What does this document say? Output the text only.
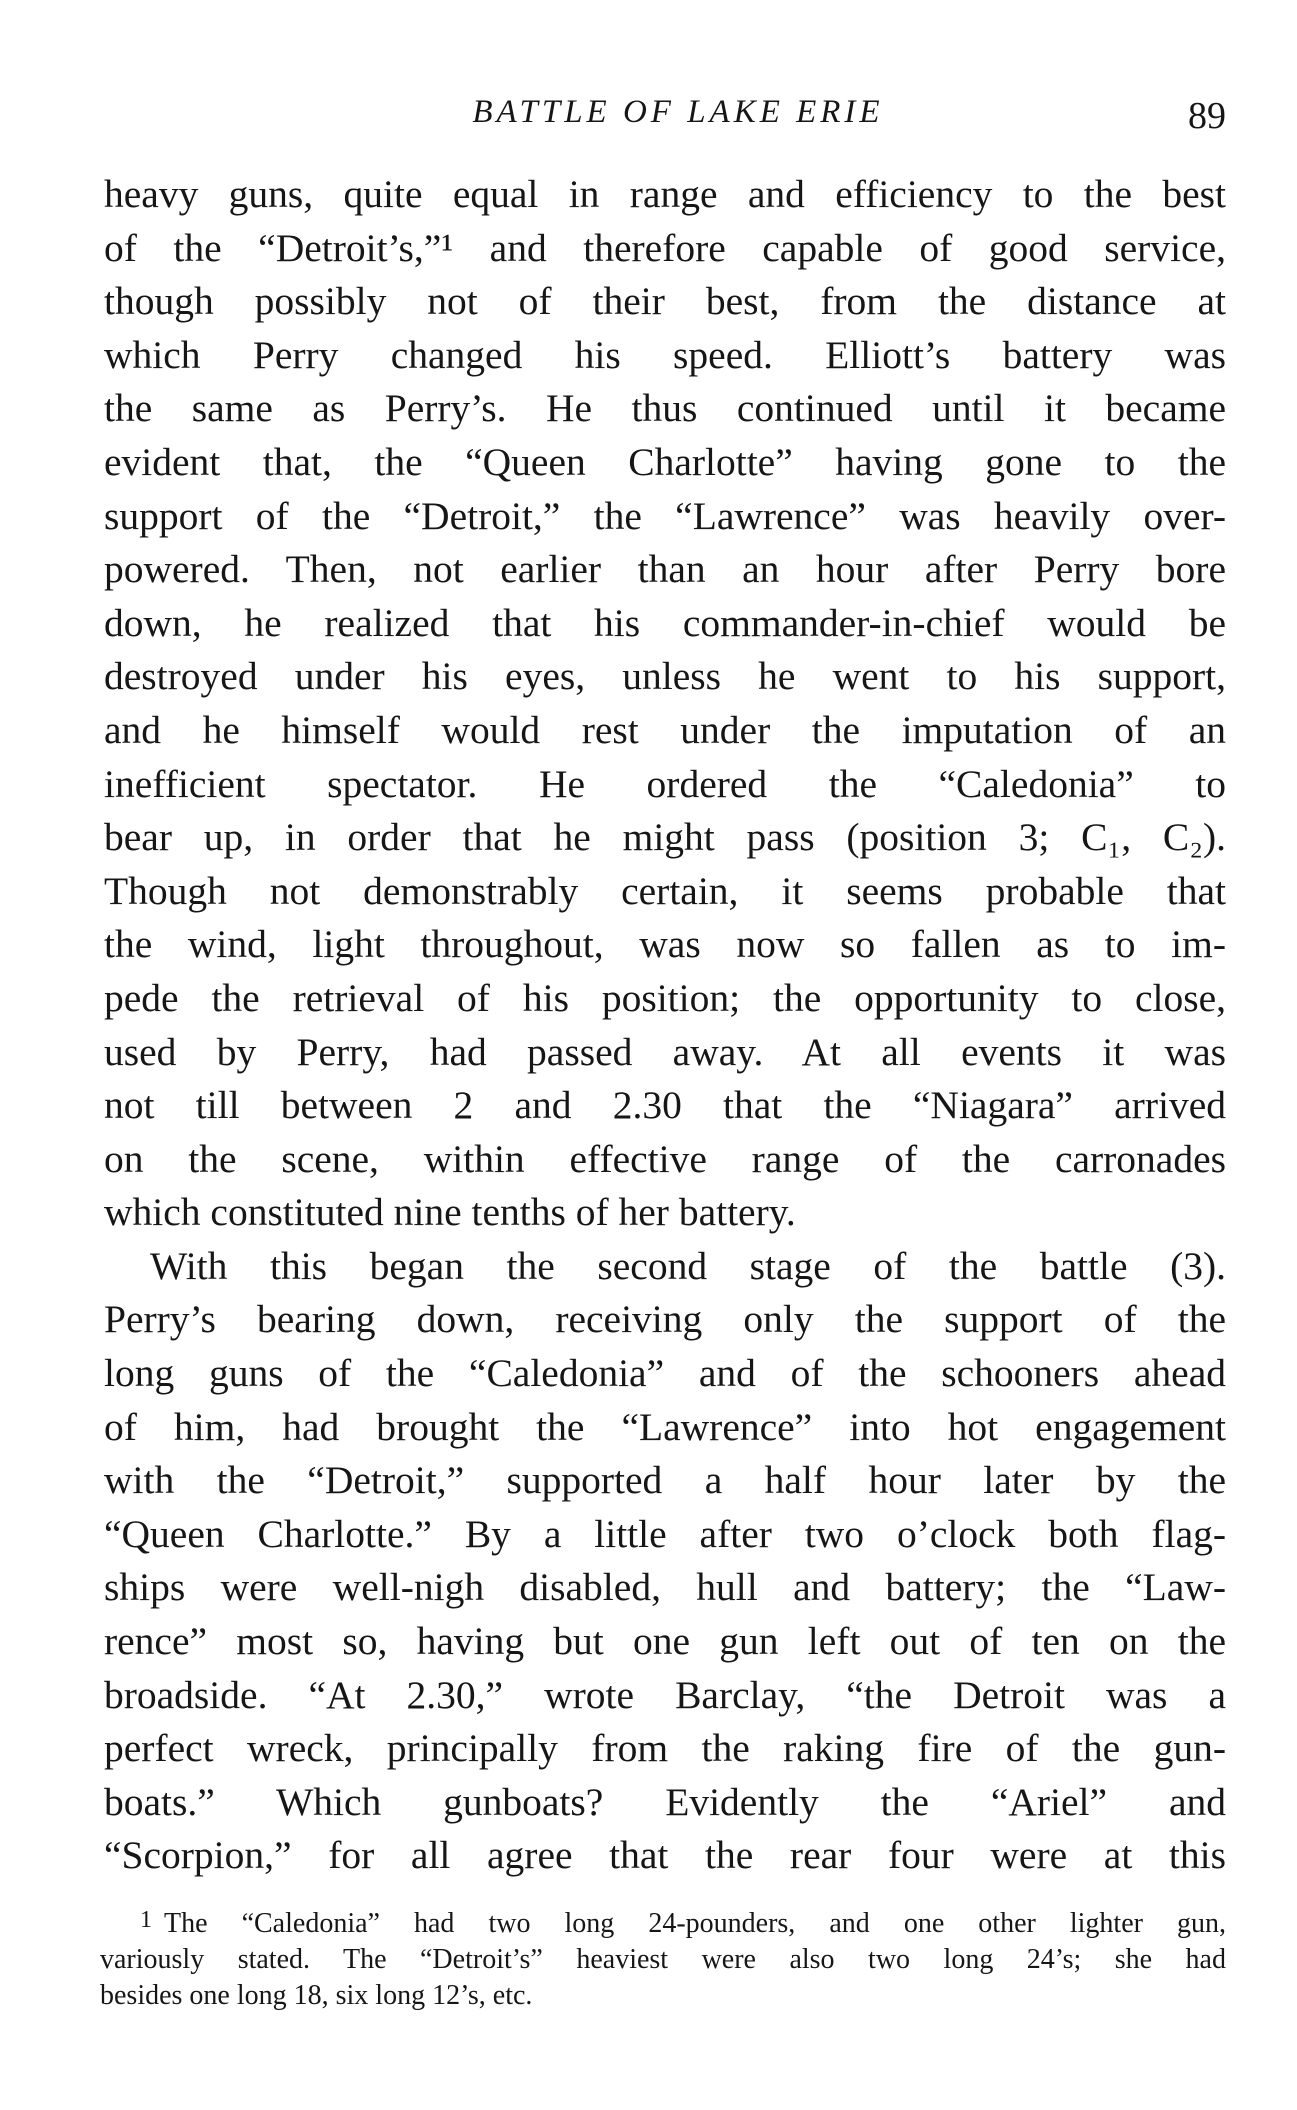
BATTLE OF LAKE ERIE	89
heavy guns, quite equal in range and efficiency to the best
of the “Detroit’s,”¹ and therefore capable of good service,
though possibly not of their best, from the distance at
which Perry changed his speed. Elliott’s battery was
the same as Perry’s. He thus continued until it became
evident that, the “Queen Charlotte” having gone to the
support of the “Detroit,” the “Lawrence” was heavily over-
powered. Then, not earlier than an hour after Perry bore
down, he realized that his commander-in-chief would be
destroyed under his eyes, unless he went to his support,
and he himself would rest under the imputation of an
inefficient spectator. He ordered the “Caledonia” to
bear up, in order that he might pass (position 3; C₁, C₂).
Though not demonstrably certain, it seems probable that
the wind, light throughout, was now so fallen as to im-
pede the retrieval of his position; the opportunity to close,
used by Perry, had passed away. At all events it was
not till between 2 and 2.30 that the “Niagara” arrived
on the scene, within effective range of the carronades
which constituted nine tenths of her battery.
With this began the second stage of the battle (3).
Perry’s bearing down, receiving only the support of the
long guns of the “Caledonia” and of the schooners ahead
of him, had brought the “Lawrence” into hot engagement
with the “Detroit,” supported a half hour later by the
“Queen Charlotte.” By a little after two o’clock both flag-
ships were well-nigh disabled, hull and battery; the “Law-
rence” most so, having but one gun left out of ten on the
broadside. “At 2.30,” wrote Barclay, “the Detroit was a
perfect wreck, principally from the raking fire of the gun-
boats.” Which gunboats? Evidently the “Ariel” and
“Scorpion,” for all agree that the rear four were at this
1 The “Caledonia” had two long 24-pounders, and one other lighter gun,
variously stated. The “Detroit’s” heaviest were also two long 24’s; she had
besides one long 18, six long 12’s, etc.
